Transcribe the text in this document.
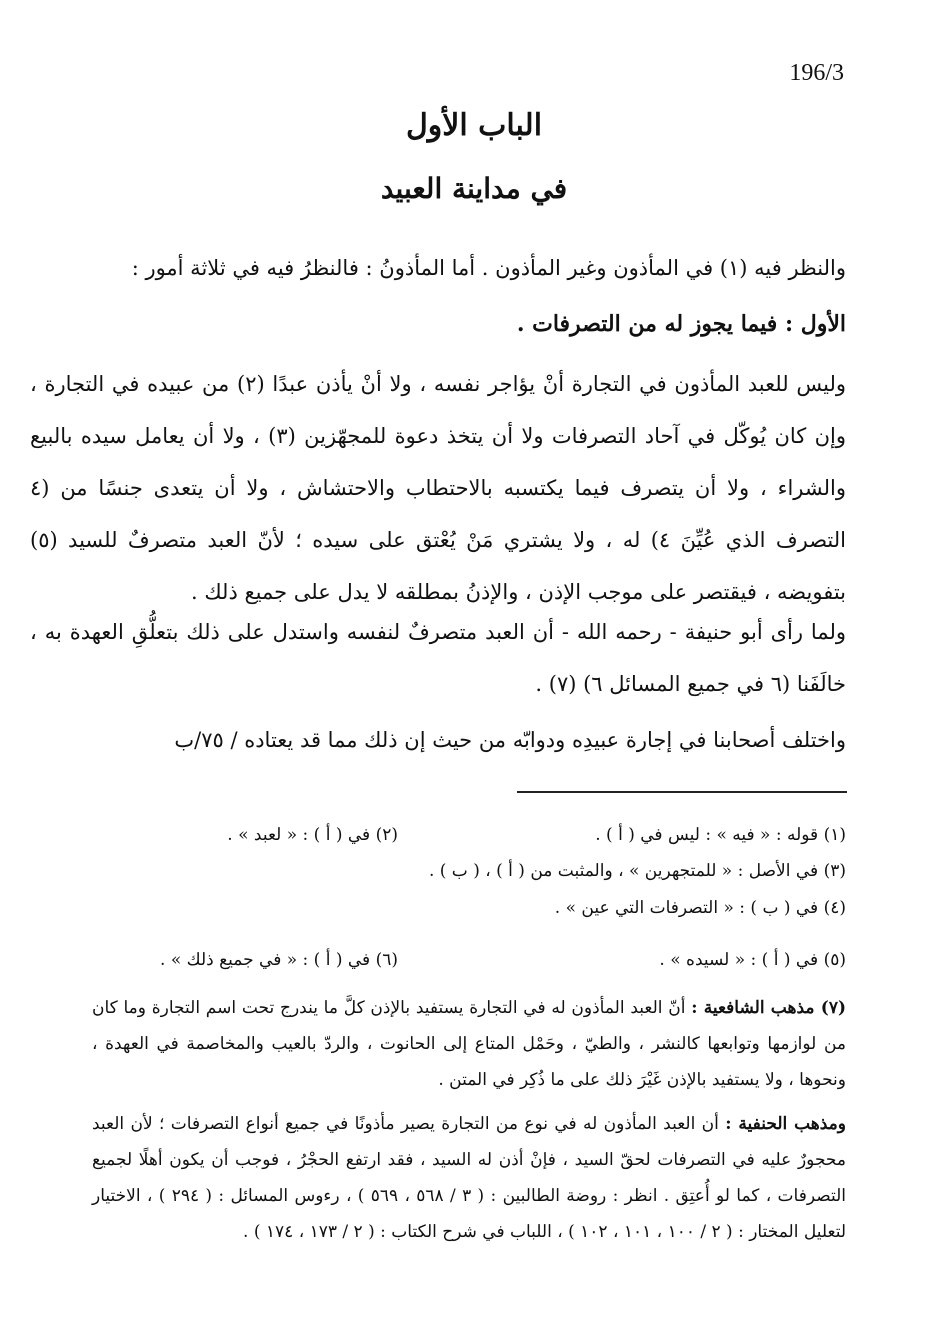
196/3
الباب الأول
في مداينة العبيد
والنظر فيه (١) في المأذون وغير المأذون . أما المأذونُ : فالنظرُ فيه في ثلاثة أمور :
الأول : فيما يجوز له من التصرفات .
وليس للعبد المأذون في التجارة أنْ يؤاجر نفسه ، ولا أنْ يأذن عبدًا (٢) من عبيده في التجارة ، وإن كان يُوكّل في آحاد التصرفات ولا أن يتخذ دعوة للمجهّزين (٣) ، ولا أن يعامل سيده بالبيع والشراء ، ولا أن يتصرف فيما يكتسبه بالاحتطاب والاحتشاش ، ولا أن يتعدى جنسًا من (٤ التصرف الذي عُيِّنَ ٤) له ، ولا يشتري مَنْ يُعْتق على سيده ؛ لأنّ العبد متصرفٌ للسيد (٥) بتفويضه ، فيقتصر على موجب الإذن ، والإذنُ بمطلقه لا يدل على جميع ذلك .
ولما رأى أبو حنيفة - رحمه الله - أن العبد متصرفٌ لنفسه واستدل على ذلك بتعلُّقِ العهدة به ، خالَفَنا (٦ في جميع المسائل ٦) (٧) .
واختلف أصحابنا في إجارة عبيدِه ودوابّه من حيث إن ذلك مما قد يعتاده / ٧٥/ب
(١) قوله : « فيه » : ليس في ( أ ) .
(٢) في ( أ ) : « لعبد » .
(٣) في الأصل : « للمتجهرين » ، والمثبت من ( أ ) ، ( ب ) .
(٤) في ( ب ) : « التصرفات التي عين » .
(٥) في ( أ ) : « لسيده » .
(٦) في ( أ ) : « في جميع ذلك » .
(٧) مذهب الشافعية : أنّ العبد المأذون له في التجارة يستفيد بالإذن كلَّ ما يندرج تحت اسم التجارة وما كان من لوازمها وتوابعها كالنشر ، والطيّ ، وحَمْل المتاع إلى الحانوت ، والردّ بالعيب والمخاصمة في العهدة ، ونحوها ، ولا يستفيد بالإذن غَيْرَ ذلك على ما ذُكِر في المتن .
ومذهب الحنفية : أن العبد المأذون له في نوع من التجارة يصير مأذونًا في جميع أنواع التصرفات ؛ لأن العبد محجورٌ عليه في التصرفات لحقّ السيد ، فإنْ أذن له السيد ، فقد ارتفع الحجْرُ ، فوجب أن يكون أهلًا لجميع التصرفات ، كما لو أُعتِق . انظر : روضة الطالبين : ( ٣ / ٥٦٨ ، ٥٦٩ ) ، رءوس المسائل : ( ٢٩٤ ) ، الاختيار لتعليل المختار : ( ٢ / ١٠٠ ، ١٠١ ، ١٠٢ ) ، اللباب في شرح الكتاب : ( ٢ / ١٧٣ ، ١٧٤ ) .
